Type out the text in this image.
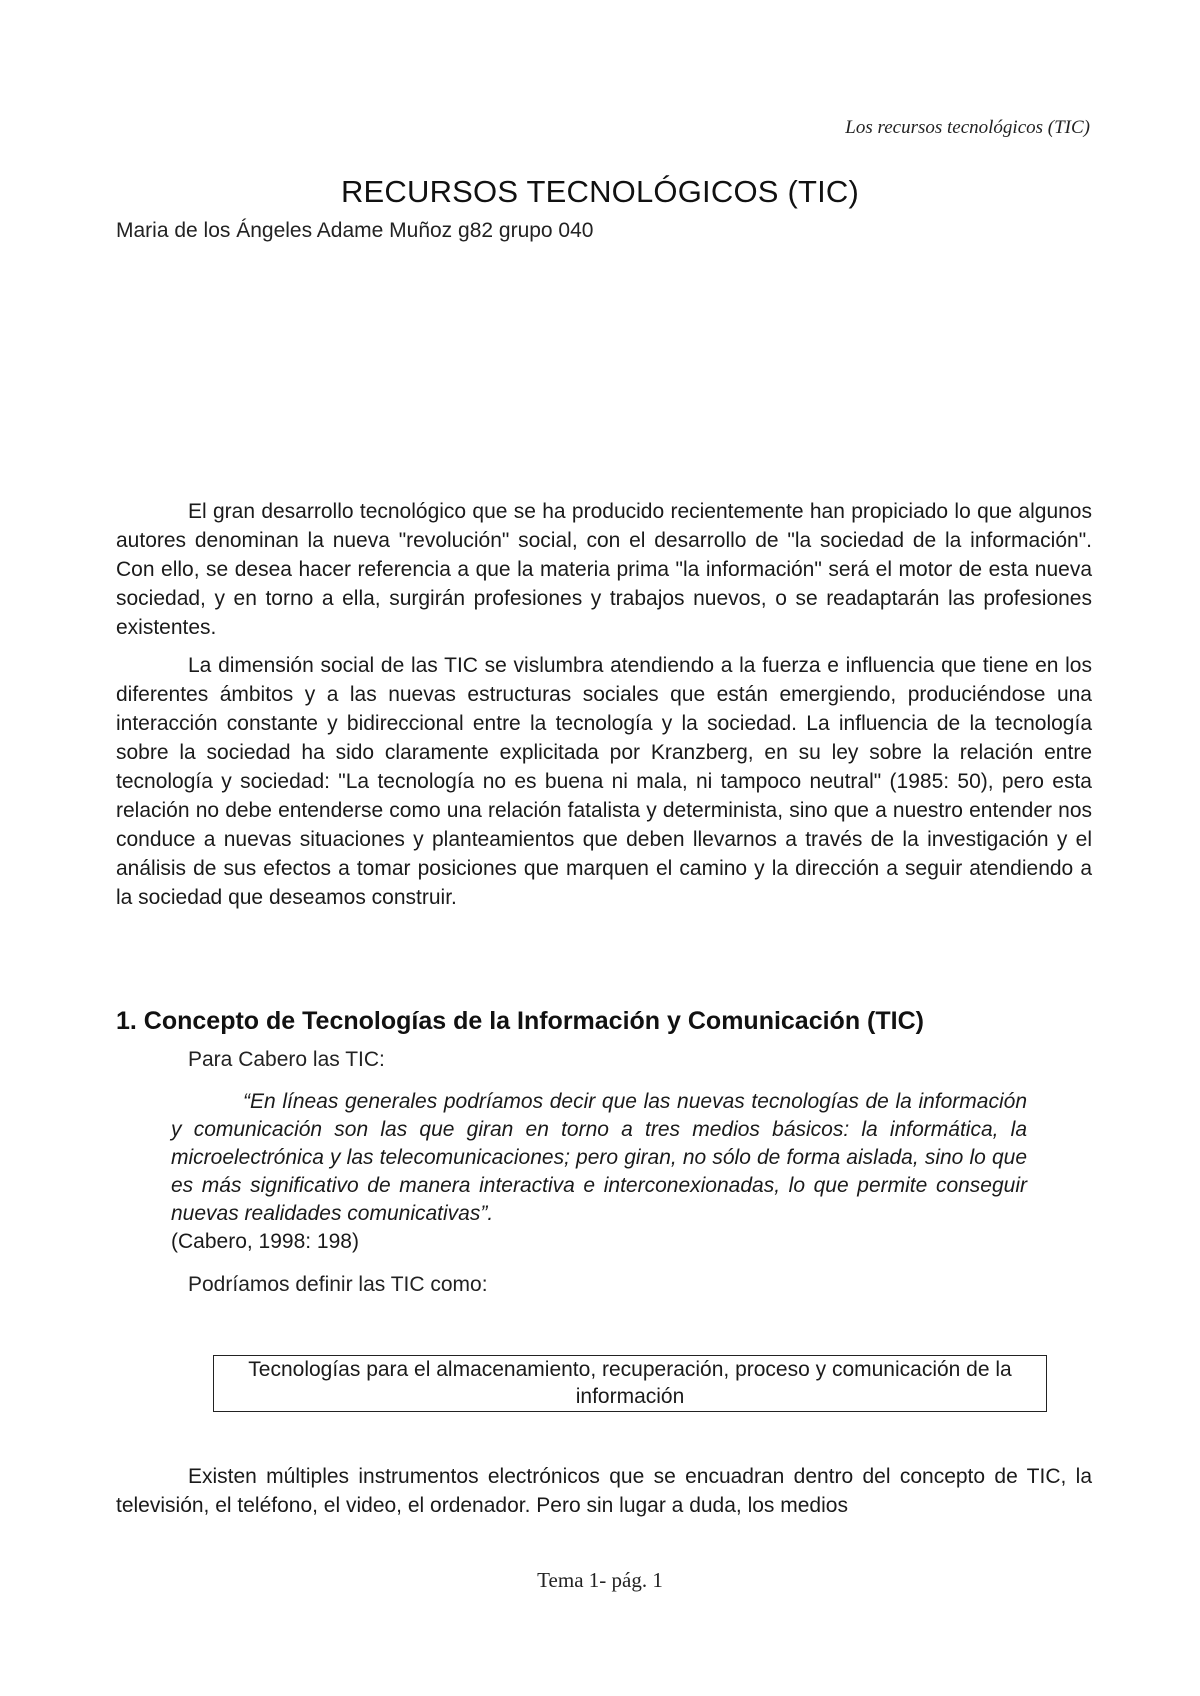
Los recursos tecnológicos (TIC)
RECURSOS TECNOLÓGICOS (TIC)
Maria de los Ángeles Adame Muñoz g82 grupo 040

El gran desarrollo tecnológico que se ha producido recientemente han propiciado lo que algunos autores denominan la nueva "revolución" social, con el desarrollo de "la sociedad de la información". Con ello, se desea hacer referencia a que la materia prima "la información" será el motor de esta nueva sociedad, y en torno a ella, surgirán profesiones y trabajos nuevos, o se readaptarán las profesiones existentes.

La dimensión social de las TIC se vislumbra atendiendo a la fuerza e influencia que tiene en los diferentes ámbitos y a las nuevas estructuras sociales que están emergiendo, produciéndose una interacción constante y bidireccional entre la tecnología y la sociedad. La influencia de la tecnología sobre la sociedad ha sido claramente explicitada por Kranzberg, en su ley sobre la relación entre tecnología y sociedad: "La tecnología no es buena ni mala, ni tampoco neutral" (1985: 50), pero esta relación no debe entenderse como una relación fatalista y determinista, sino que a nuestro entender nos conduce a nuevas situaciones y planteamientos que deben llevarnos a través de la investigación y el análisis de sus efectos a tomar posiciones que marquen el camino y la dirección a seguir atendiendo a la sociedad que deseamos construir.

1. Concepto de Tecnologías de la Información y Comunicación (TIC)
Para Cabero las TIC:
“En líneas generales podríamos decir que las nuevas tecnologías de la información y comunicación son las que giran en torno a tres medios básicos: la informática, la microelectrónica y las telecomunicaciones; pero giran, no sólo de forma aislada, sino lo que es más significativo de manera interactiva e interconexionadas, lo que permite conseguir nuevas realidades comunicativas”.
(Cabero, 1998: 198)
Podríamos definir las TIC como:
Tecnologías para el almacenamiento, recuperación, proceso y comunicación de la información

Existen múltiples instrumentos electrónicos que se encuadran dentro del concepto de TIC, la televisión, el teléfono, el video, el ordenador. Pero sin lugar a duda, los medios

Tema 1- pág. 1
